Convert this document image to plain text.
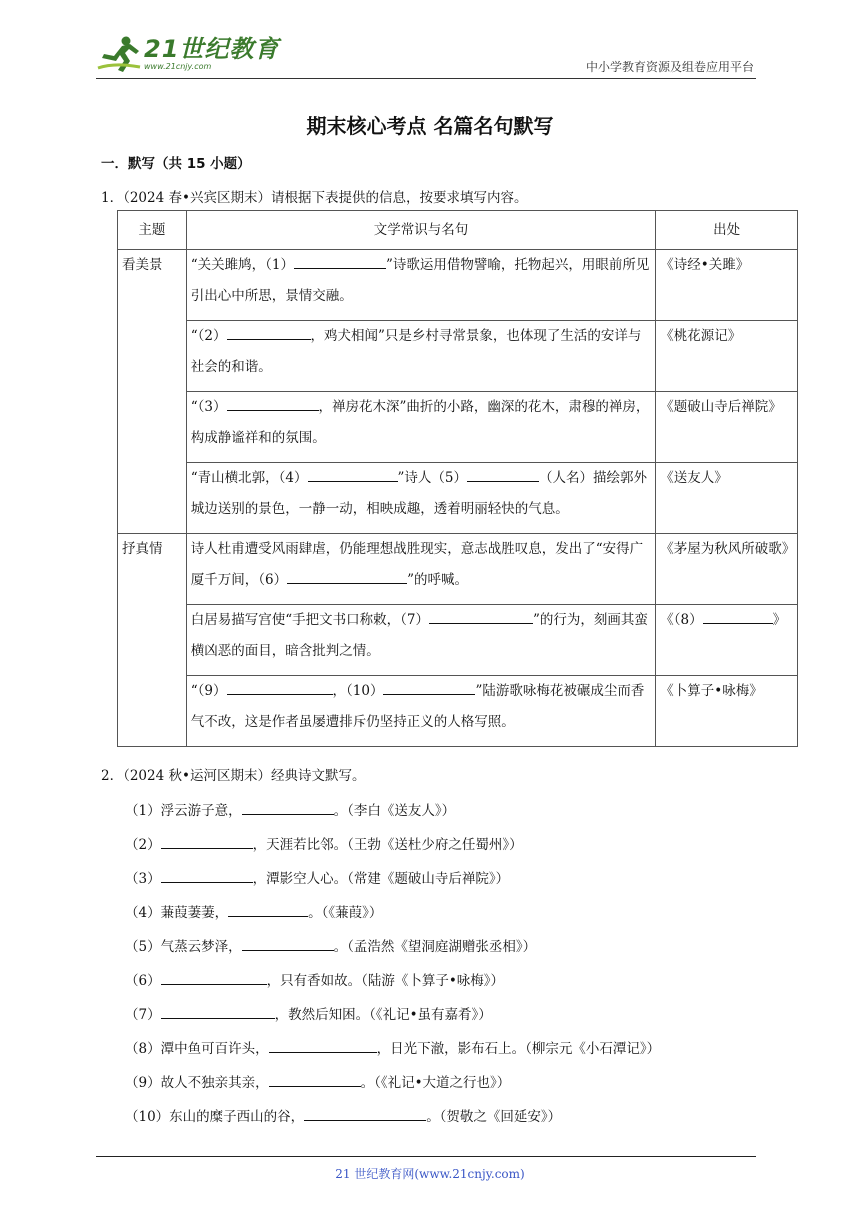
21世纪教育
www.21cnjy.com	中小学教育资源及组卷应用平台
期末核心考点 名篇名句默写
一．默写（共 15 小题）
1．（2024 春•兴宾区期末）请根据下表提供的信息，按要求填写内容。
主题	文学常识与名句	出处
看美景	“关关雎鸠，（1） ”诗歌运用借物譬喻，托物起兴，用眼前所见引出心中所思，景情交融。	《诗经•关雎》
	“（2） ，鸡犬相闻”只是乡村寻常景象，也体现了生活的安详与社会的和谐。	《桃花源记》
	“（3） ，禅房花木深”曲折的小路，幽深的花木，肃穆的禅房，构成静谧祥和的氛围。	《题破山寺后禅院》
	“青山横北郭，（4） ”诗人（5） （人名）描绘郭外城边送别的景色，一静一动，相映成趣，透着明丽轻快的气息。	《送友人》
抒真情	诗人杜甫遭受风雨肆虐，仍能理想战胜现实，意志战胜叹息，发出了“安得广厦千万间，（6） ”的呼喊。	《茅屋为秋风所破歌》
	白居易描写宫使“手把文书口称敕，（7） ”的行为，刻画其蛮横凶恶的面目，暗含批判之情。	《（8） 》
	“（9） ，（10） ”陆游歌咏梅花被碾成尘而香气不改，这是作者虽屡遭排斥仍坚持正义的人格写照。	《卜算子•咏梅》
2．（2024 秋•运河区期末）经典诗文默写。
（1）浮云游子意，	。（李白《送友人》）
（2）	，天涯若比邻。（王勃《送杜少府之任蜀州》）
（3）	，潭影空人心。（常建《题破山寺后禅院》）
（4）蒹葭萋萋，	。（《蒹葭》）
（5）气蒸云梦泽，	。（孟浩然《望洞庭湖赠张丞相》）
（6）	，只有香如故。（陆游《卜算子•咏梅》）
（7）	，教然后知困。（《礼记•虽有嘉肴》）
（8）潭中鱼可百许头，	，日光下澈，影布石上。（柳宗元《小石潭记》）
（9）故人不独亲其亲，	。（《礼记•大道之行也》）
（10）东山的糜子西山的谷，	。（贺敬之《回延安》）
21 世纪教育网(www.21cnjy.com)
